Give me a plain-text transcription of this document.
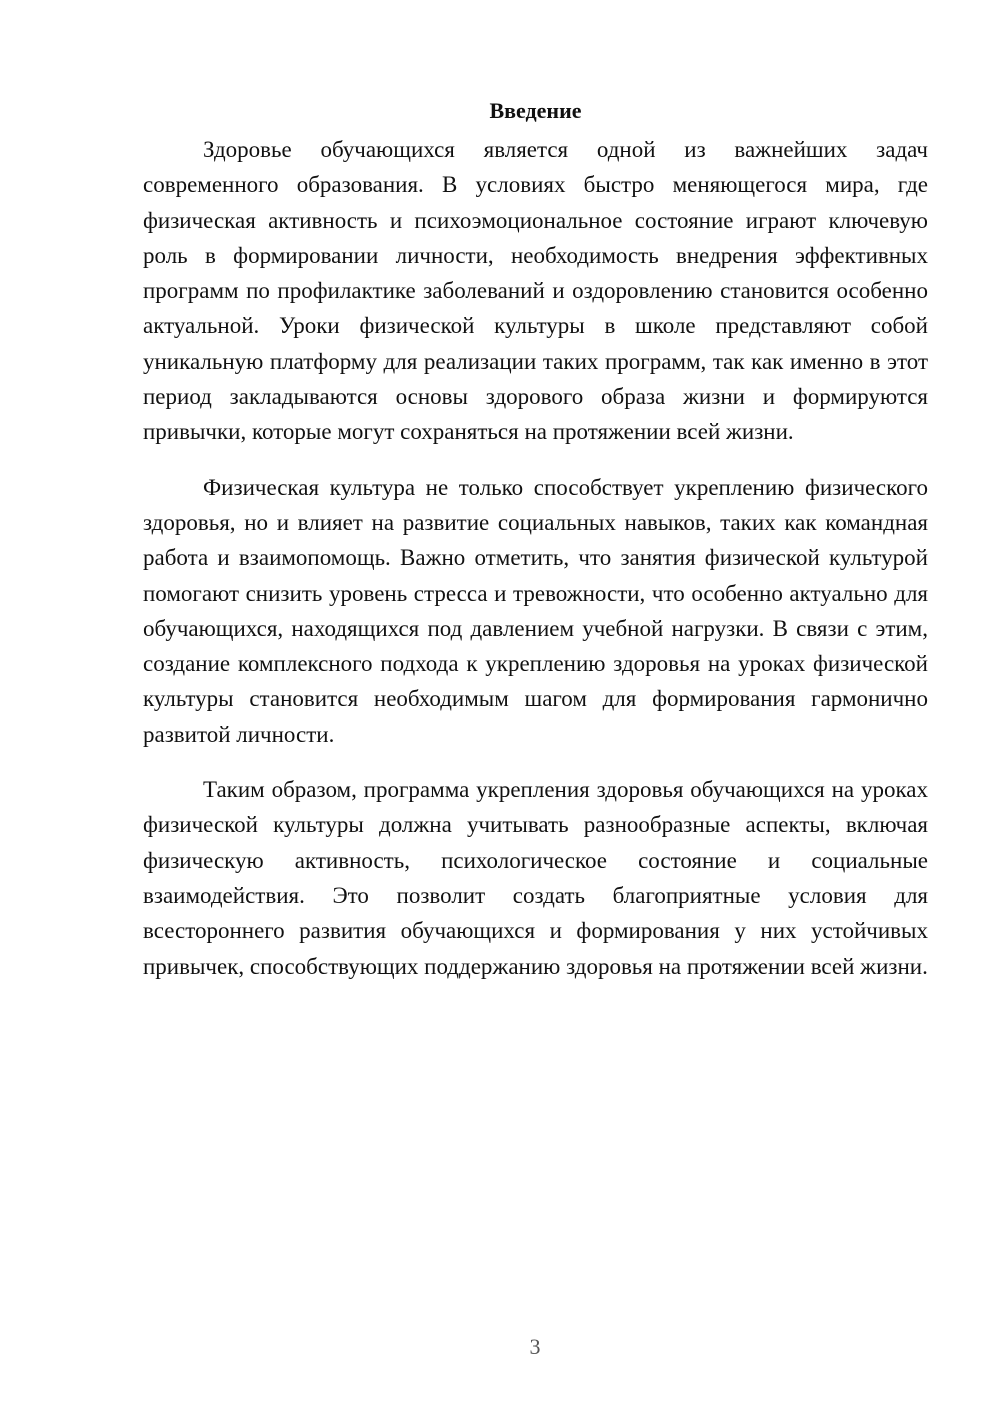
Введение

Здоровье обучающихся является одной из важнейших задач современного образования. В условиях быстро меняющегося мира, где физическая активность и психоэмоциональное состояние играют ключевую роль в формировании личности, необходимость внедрения эффективных программ по профилактике заболеваний и оздоровлению становится особенно актуальной. Уроки физической культуры в школе представляют собой уникальную платформу для реализации таких программ, так как именно в этот период закладываются основы здорового образа жизни и формируются привычки, которые могут сохраняться на протяжении всей жизни.

Физическая культура не только способствует укреплению физического здоровья, но и влияет на развитие социальных навыков, таких как командная работа и взаимопомощь. Важно отметить, что занятия физической культурой помогают снизить уровень стресса и тревожности, что особенно актуально для обучающихся, находящихся под давлением учебной нагрузки. В связи с этим, создание комплексного подхода к укреплению здоровья на уроках физической культуры становится необходимым шагом для формирования гармонично развитой личности.

Таким образом, программа укрепления здоровья обучающихся на уроках физической культуры должна учитывать разнообразные аспекты, включая физическую активность, психологическое состояние и социальные взаимодействия. Это позволит создать благоприятные условия для всестороннего развития обучающихся и формирования у них устойчивых привычек, способствующих поддержанию здоровья на протяжении всей жизни.

3
